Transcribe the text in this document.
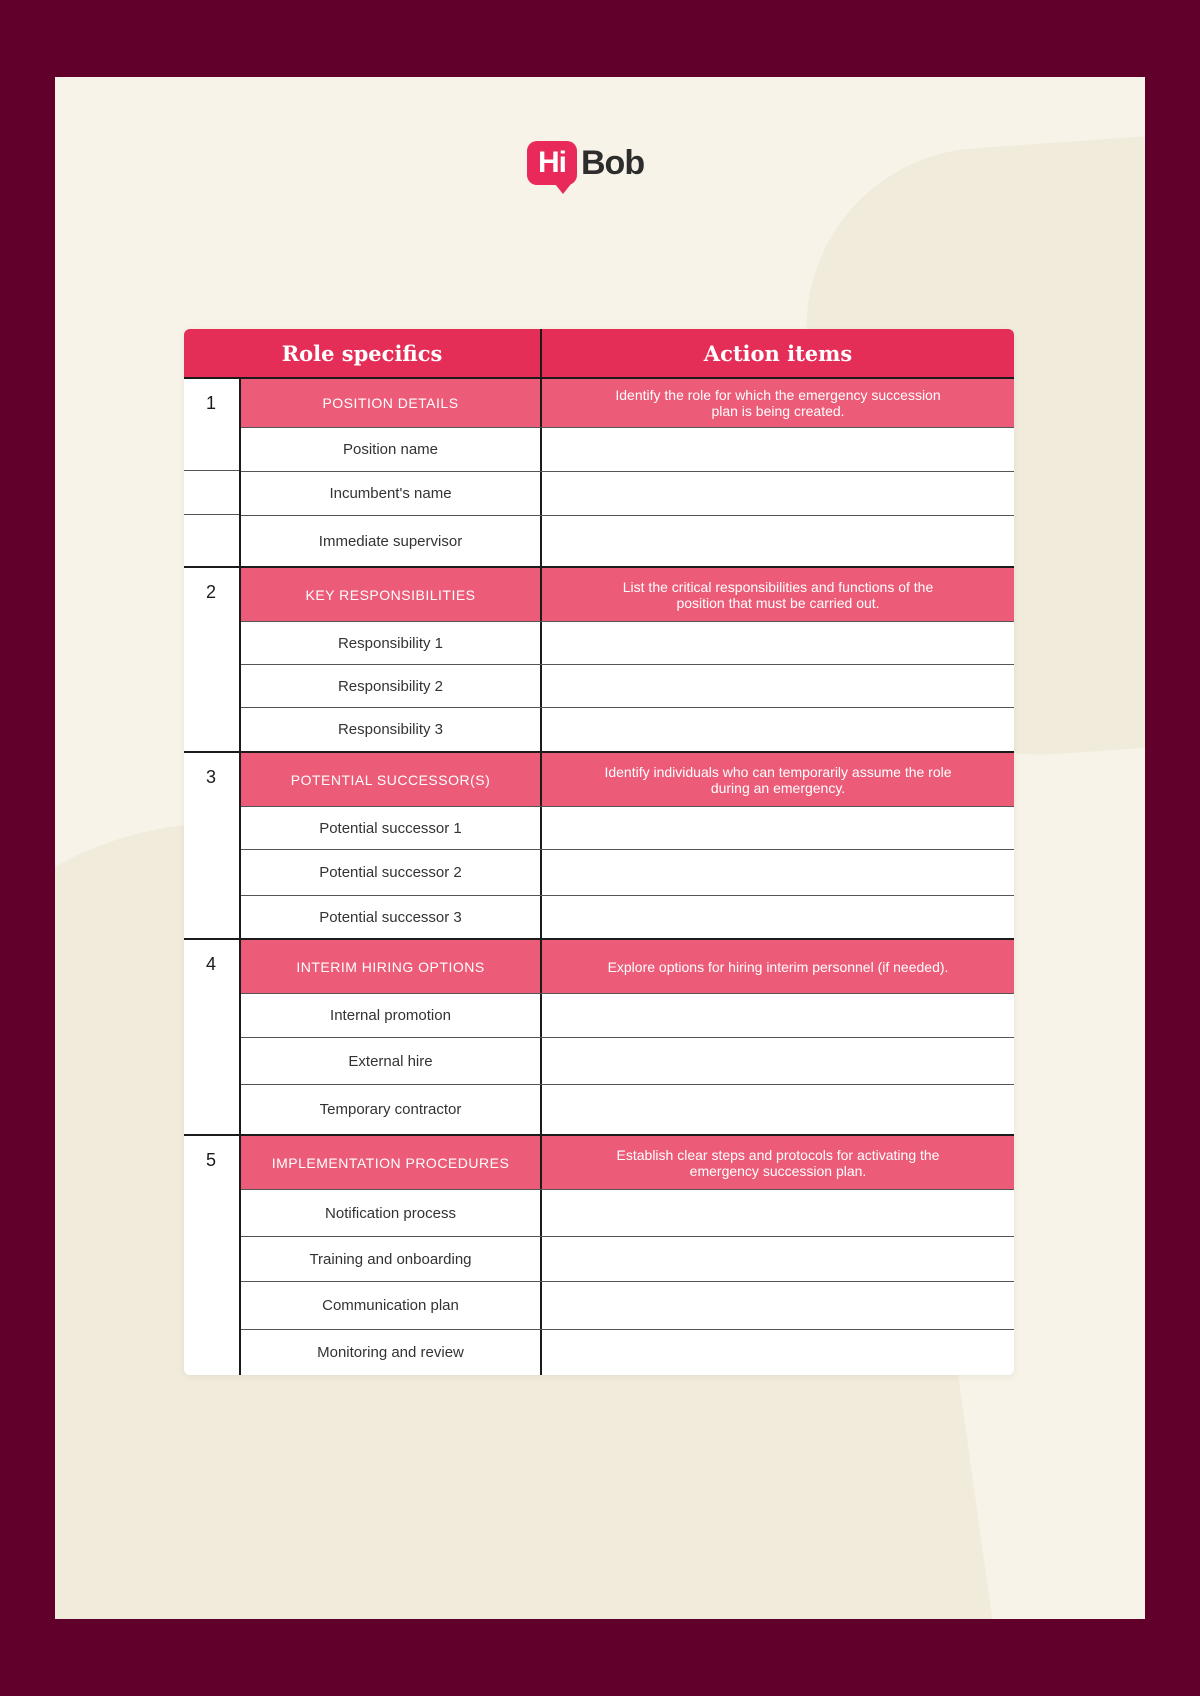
Hi Bob
Role specifics	Action items
1	POSITION DETAILS	Identify the role for which the emergency succession plan is being created.
Position name
Incumbent's name
Immediate supervisor
2	KEY RESPONSIBILITIES	List the critical responsibilities and functions of the position that must be carried out.
Responsibility 1
Responsibility 2
Responsibility 3
3	POTENTIAL SUCCESSOR(S)	Identify individuals who can temporarily assume the role during an emergency.
Potential successor 1
Potential successor 2
Potential successor 3
4	INTERIM HIRING OPTIONS	Explore options for hiring interim personnel (if needed).
Internal promotion
External hire
Temporary contractor
5	IMPLEMENTATION PROCEDURES	Establish clear steps and protocols for activating the emergency succession plan.
Notification process
Training and onboarding
Communication plan
Monitoring and review
